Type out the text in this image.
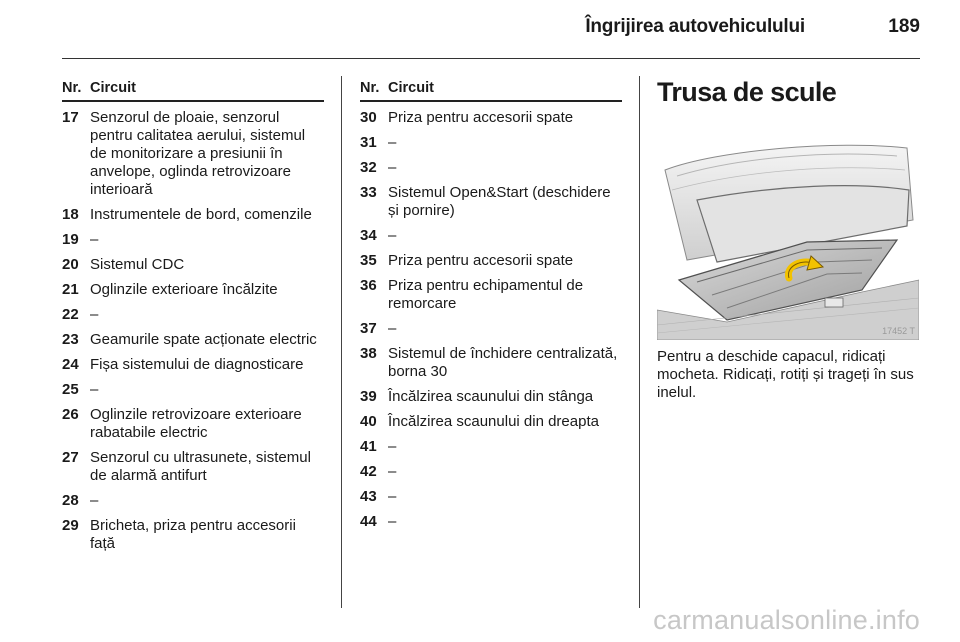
Îngrijirea autovehiculului	189
Nr. Circuit
17 Senzorul de ploaie, senzorul pentru calitatea aerului, sistemul de monitorizare a presiunii în anvelope, oglinda retrovizoare interioară
18 Instrumentele de bord, comenzile
19 –
20 Sistemul CDC
21 Oglinzile exterioare încălzite
22 –
23 Geamurile spate acționate electric
24 Fișa sistemului de diagnosticare
25 –
26 Oglinzile retrovizoare exterioare rabatabile electric
27 Senzorul cu ultrasunete, sistemul de alarmă antifurt
28 –
29 Bricheta, priza pentru accesorii față
Nr. Circuit
30 Priza pentru accesorii spate
31 –
32 –
33 Sistemul Open&Start (deschidere și pornire)
34 –
35 Priza pentru accesorii spate
36 Priza pentru echipamentul de remorcare
37 –
38 Sistemul de închidere centralizată, borna 30
39 Încălzirea scaunului din stânga
40 Încălzirea scaunului din dreapta
41 –
42 –
43 –
44 –
Trusa de scule
17452 T
Pentru a deschide capacul, ridicați mocheta. Ridicați, rotiți și trageți în sus inelul.
carmanualsonline.info
